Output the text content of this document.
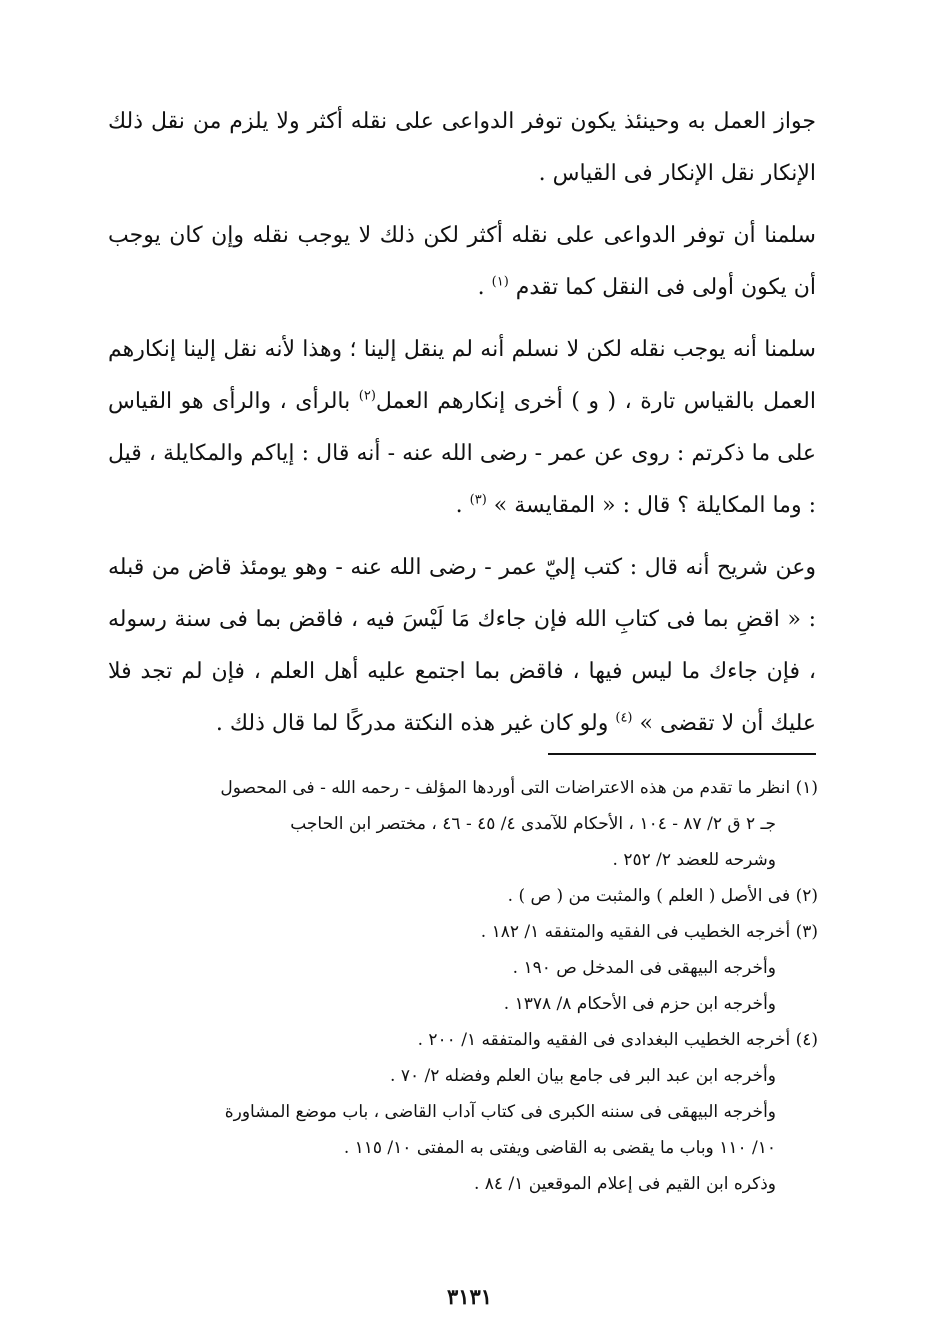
جواز العمل به وحينئذ يكون توفر الدواعى على نقله أكثر ولا يلزم من نقل ذلك الإنكار نقل الإنكار فى القياس .

سلمنا أن توفر الدواعى على نقله أكثر لكن ذلك لا يوجب نقله وإن كان يوجب أن يكون أولى فى النقل كما تقدم $^{(١)}$ .

سلمنا أنه يوجب نقله لكن لا نسلم أنه لم ينقل إلينا ؛ وهذا لأنه نقل إلينا إنكارهم العمل بالقياس تارة ، ( و ) أخرى إنكارهم العمل$^{(٢)}$ بالرأى ، والرأى هو القياس على ما ذكرتم : روى عن عمر - رضى الله عنه - أنه قال : إياكم والمكايلة ، قيل : وما المكايلة ؟ قال : « المقايسة » $^{(٣)}$ .

وعن شريح أنه قال : كتب إليّ عمر - رضى الله عنه - وهو يومئذ قاض من قبله : « اقضِ بما فى كتابِ الله فإن جاءك مَا لَيْسَ فيه ، فاقض بما فى سنة رسوله ، فإن جاءك ما ليس فيها ، فاقض بما اجتمع عليه أهل العلم ، فإن لم تجد فلا عليك أن لا تقضى » $^{(٤)}$ ولو كان غير هذه النكتة مدركًا لما قال ذلك .

(١) انظر ما تقدم من هذه الاعتراضات التى أوردها المؤلف - رحمه الله - فى المحصول

جـ ٢ ق ٢/ ٨٧ - ١٠٤ ، الأحكام للآمدى ٤/ ٤٥ - ٤٦ ، مختصر ابن الحاجب

وشرحه للعضد ٢/ ٢٥٢ .

(٢) فى الأصل ( العلم ) والمثبت من ( ص ) .

(٣) أخرجه الخطيب فى الفقيه والمتفقه ١/ ١٨٢ .

وأخرجه البيهقى فى المدخل ص ١٩٠ .

وأخرجه ابن حزم فى الأحكام ٨/ ١٣٧٨ .

(٤) أخرجه الخطيب البغدادى فى الفقيه والمتفقه ١/ ٢٠٠ .

وأخرجه ابن عبد البر فى جامع بيان العلم وفضله ٢/ ٧٠ .

وأخرجه البيهقى فى سننه الكبرى فى كتاب آداب القاضى ، باب موضع المشاورة

١٠/ ١١٠ وباب ما يقضى به القاضى ويفتى به المفتى ١٠/ ١١٥ .

وذكره ابن القيم فى إعلام الموقعين ١/ ٨٤ .

٣١٣١
